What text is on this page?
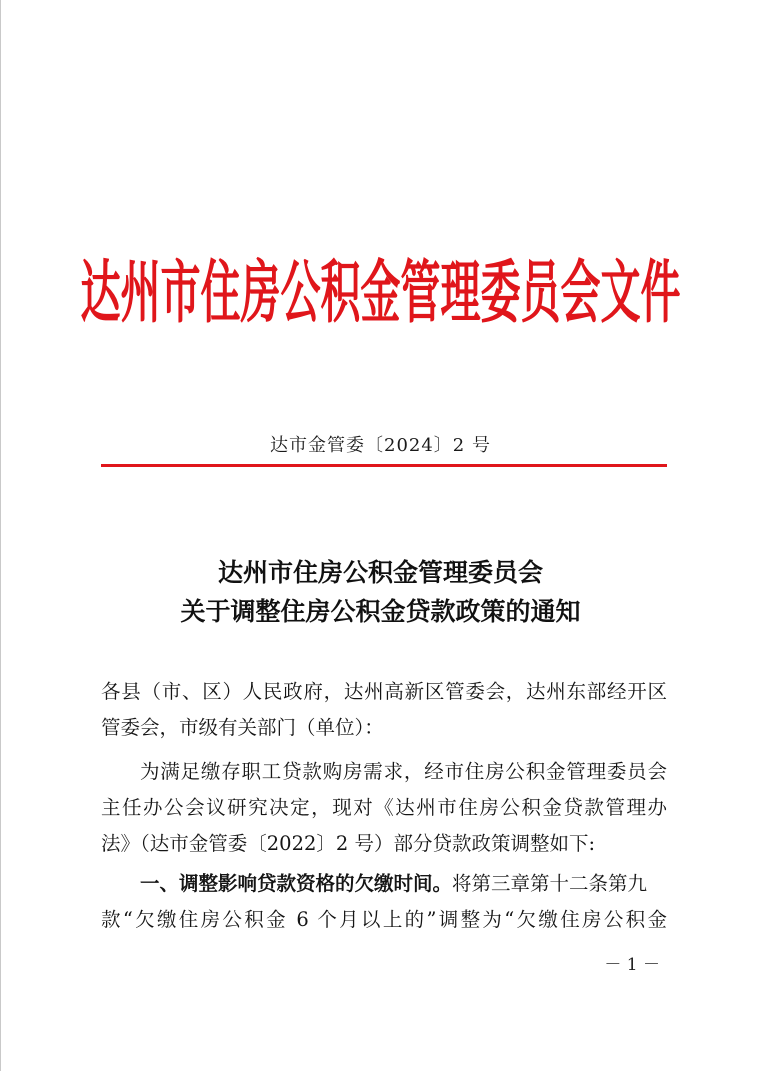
达州市住房公积金管理委员会文件
达市金管委〔2024〕2 号
达州市住房公积金管理委员会
关于调整住房公积金贷款政策的通知
各县（市、区）人民政府，达州高新区管委会，达州东部经开区
管委会，市级有关部门（单位）：
为满足缴存职工贷款购房需求，经市住房公积金管理委员会
主任办公会议研究决定，现对《达州市住房公积金贷款管理办
法》（达市金管委〔2022〕2 号）部分贷款政策调整如下:
一、调整影响贷款资格的欠缴时间。将第三章第十二条第九
款“欠缴住房公积金 6 个月以上的”调整为“欠缴住房公积金
－ 1 －
